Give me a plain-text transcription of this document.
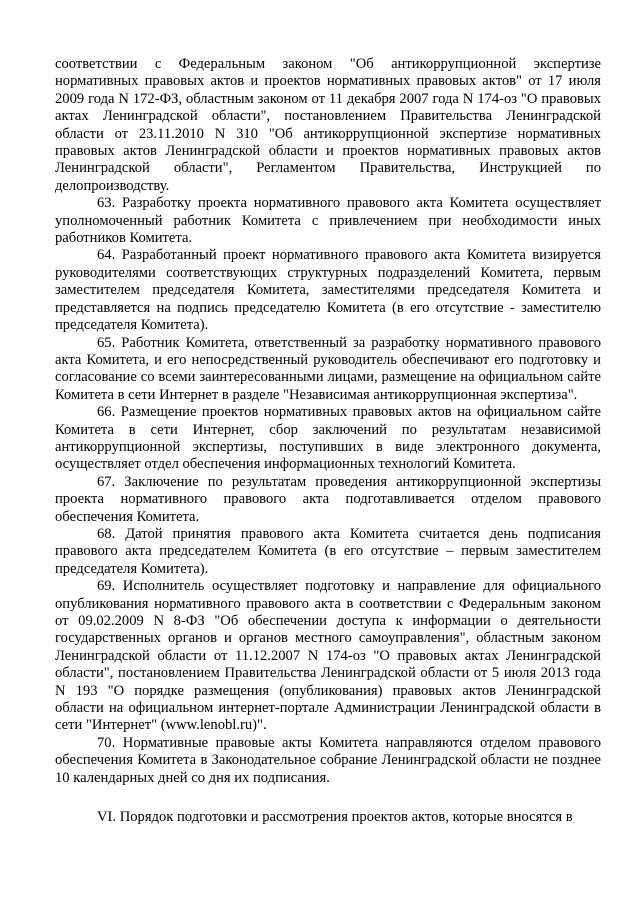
соответствии с Федеральным законом "Об антикоррупционной экспертизе нормативных правовых актов и проектов нормативных правовых актов" от 17 июля 2009 года N 172-ФЗ, областным законом от 11 декабря 2007 года N 174-оз "О правовых актах Ленинградской области", постановлением Правительства Ленинградской области от 23.11.2010 N 310 "Об антикоррупционной экспертизе нормативных правовых актов Ленинградской области и проектов нормативных правовых актов Ленинградской области", Регламентом Правительства, Инструкцией по делопроизводству.

63. Разработку проекта нормативного правового акта Комитета осуществляет уполномоченный работник Комитета с привлечением при необходимости иных работников Комитета.

64. Разработанный проект нормативного правового акта Комитета визируется руководителями соответствующих структурных подразделений Комитета, первым заместителем председателя Комитета, заместителями председателя Комитета и представляется на подпись председателю Комитета (в его отсутствие - заместителю председателя Комитета).

65. Работник Комитета, ответственный за разработку нормативного правового акта Комитета, и его непосредственный руководитель обеспечивают его подготовку и согласование со всеми заинтересованными лицами, размещение на официальном сайте Комитета в сети Интернет в разделе "Независимая антикоррупционная экспертиза".

66. Размещение проектов нормативных правовых актов на официальном сайте Комитета в сети Интернет, сбор заключений по результатам независимой антикоррупционной экспертизы, поступивших в виде электронного документа, осуществляет отдел обеспечения информационных технологий Комитета.

67. Заключение по результатам проведения антикоррупционной экспертизы проекта нормативного правового акта подготавливается отделом правового обеспечения Комитета.

68. Датой принятия правового акта Комитета считается день подписания правового акта председателем Комитета (в его отсутствие – первым заместителем председателя Комитета).

69. Исполнитель осуществляет подготовку и направление для официального опубликования нормативного правового акта в соответствии с Федеральным законом от 09.02.2009 N 8-ФЗ "Об обеспечении доступа к информации о деятельности государственных органов и органов местного самоуправления", областным законом Ленинградской области от 11.12.2007 N 174-оз "О правовых актах Ленинградской области", постановлением Правительства Ленинградской области от 5 июля 2013 года N 193 "О порядке размещения (опубликования) правовых актов Ленинградской области на официальном интернет-портале Администрации Ленинградской области в сети "Интернет" (www.lenobl.ru)".

70. Нормативные правовые акты Комитета направляются отделом правового обеспечения Комитета в Законодательное собрание Ленинградской области не позднее 10 календарных дней со дня их подписания.

VI. Порядок подготовки и рассмотрения проектов актов, которые вносятся в
